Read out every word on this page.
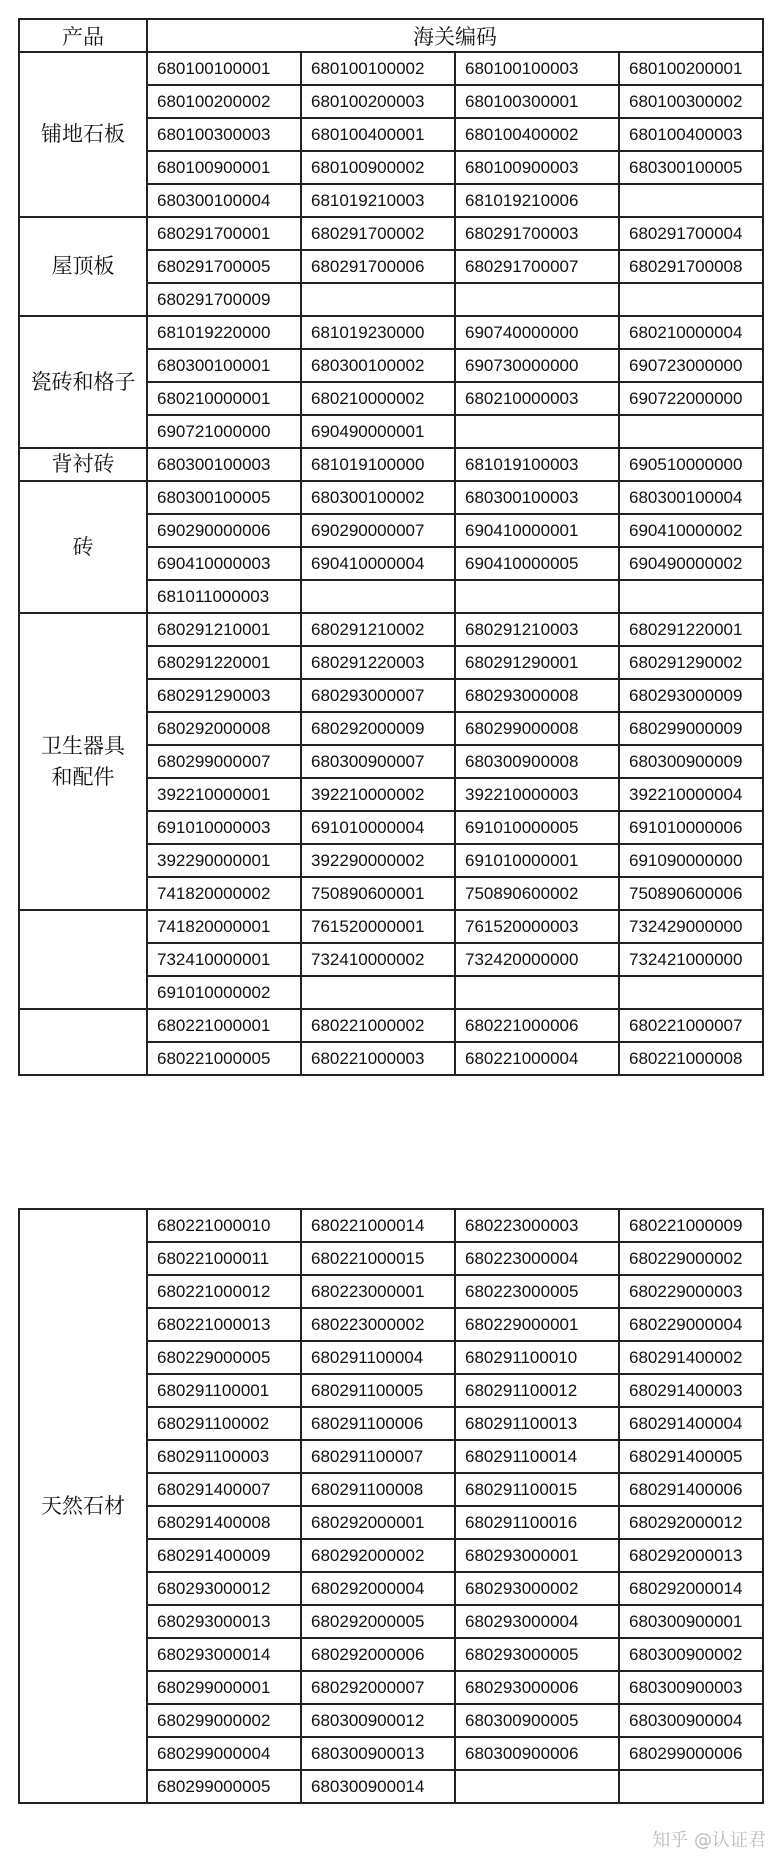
产品	海关编码			
铺地石板	680100100001	680100100002	680100100003	680100200001
	680100200002	680100200003	680100300001	680100300002
	680100300003	680100400001	680100400002	680100400003
	680100900001	680100900002	680100900003	680300100005
	680300100004	681019210003	681019210006	
屋顶板	680291700001	680291700002	680291700003	680291700004
	680291700005	680291700006	680291700007	680291700008
	680291700009			
瓷砖和格子	681019220000	681019230000	690740000000	680210000004
	680300100001	680300100002	690730000000	690723000000
	680210000001	680210000002	680210000003	690722000000
	690721000000	690490000001		
背衬砖	680300100003	681019100000	681019100003	690510000000
砖	680300100005	680300100002	680300100003	680300100004
	690290000006	690290000007	690410000001	690410000002
	690410000003	690410000004	690410000005	690490000002
	681011000003			
卫生器具
和配件	680291210001	680291210002	680291210003	680291220001
	680291220001	680291220003	680291290001	680291290002
	680291290003	680293000007	680293000008	680293000009
	680292000008	680292000009	680299000008	680299000009
	680299000007	680300900007	680300900008	680300900009
	392210000001	392210000002	392210000003	392210000004
	691010000003	691010000004	691010000005	691010000006
	392290000001	392290000002	691010000001	691090000000
	741820000002	750890600001	750890600002	750890600006
	741820000001	761520000001	761520000003	732429000000
	732410000001	732410000002	732420000000	732421000000
	691010000002			
	680221000001	680221000002	680221000006	680221000007
	680221000005	680221000003	680221000004	680221000008
天然石材	680221000010	680221000014	680223000003	680221000009
	680221000011	680221000015	680223000004	680229000002
	680221000012	680223000001	680223000005	680229000003
	680221000013	680223000002	680229000001	680229000004
	680229000005	680291100004	680291100010	680291400002
	680291100001	680291100005	680291100012	680291400003
	680291100002	680291100006	680291100013	680291400004
	680291100003	680291100007	680291100014	680291400005
	680291400007	680291100008	680291100015	680291400006
	680291400008	680292000001	680291100016	680292000012
	680291400009	680292000002	680293000001	680292000013
	680293000012	680292000004	680293000002	680292000014
	680293000013	680292000005	680293000004	680300900001
	680293000014	680292000006	680293000005	680300900002
	680299000001	680292000007	680293000006	680300900003
	680299000002	680300900012	680300900005	680300900004
	680299000004	680300900013	680300900006	680299000006
	680299000005	680300900014		
知乎 @认证君
